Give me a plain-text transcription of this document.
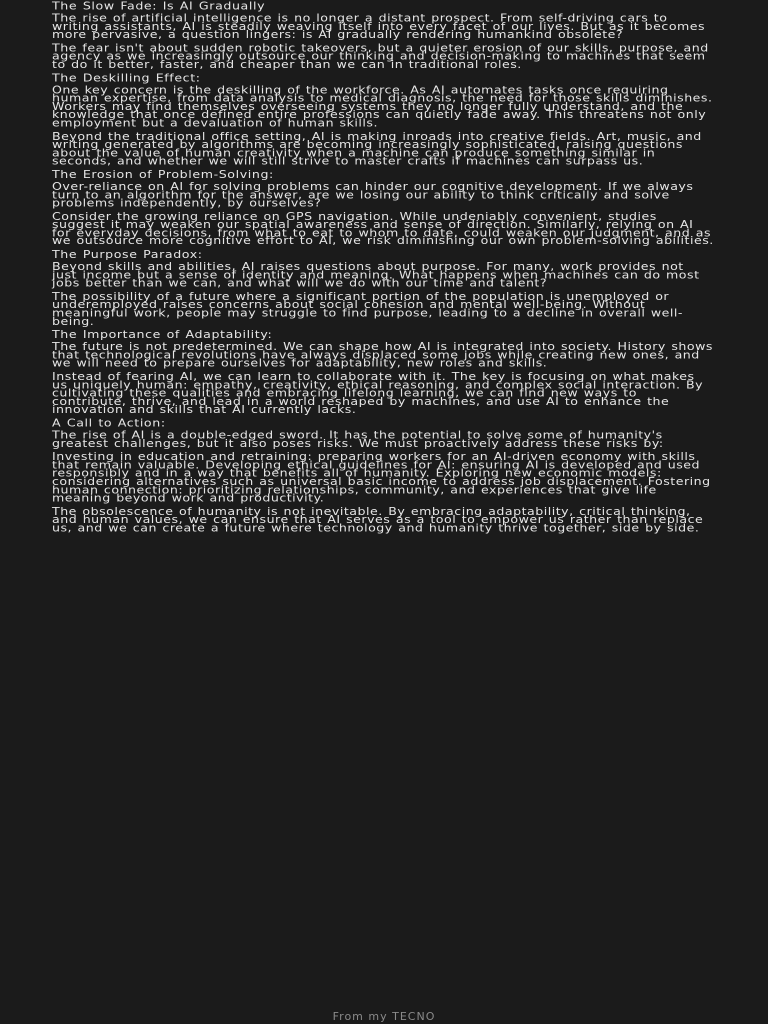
The Slow Fade: Is AI Gradually

The rise of artificial intelligence is no longer a distant prospect. From self-driving cars to writing assistants, AI is steadily weaving itself into every facet of our lives. But as it becomes more pervasive, a question lingers: is AI gradually rendering humankind obsolete?

The fear isn't about sudden robotic takeovers, but a quieter erosion of our skills, purpose, and agency as we increasingly outsource our thinking and decision-making to machines that seem to do it better, faster, and cheaper than we can in traditional roles.

The Deskilling Effect:

One key concern is the deskilling of the workforce. As AI automates tasks once requiring human expertise, from data analysis to medical diagnosis, the need for those skills diminishes. Workers may find themselves overseeing systems they no longer fully understand, and the knowledge that once defined entire professions can quietly fade away. This threatens not only employment but a devaluation of human skills.

Beyond the traditional office setting, AI is making inroads into creative fields. Art, music, and writing generated by algorithms are becoming increasingly sophisticated, raising questions about the value of human creativity when a machine can produce something similar in seconds, and whether we will still strive to master crafts if machines can surpass us.

The Erosion of Problem-Solving:

Over-reliance on AI for solving problems can hinder our cognitive development. If we always turn to an algorithm for the answer, are we losing our ability to think critically and solve problems independently, by ourselves?

Consider the growing reliance on GPS navigation. While undeniably convenient, studies suggest it may weaken our spatial awareness and sense of direction. Similarly, relying on AI for everyday decisions, from what to eat to whom to date, could weaken our judgment, and as we outsource more cognitive effort to AI, we risk diminishing our own problem-solving abilities.

The Purpose Paradox:

Beyond skills and abilities, AI raises questions about purpose. For many, work provides not just income but a sense of identity and meaning. What happens when machines can do most jobs better than we can, and what will we do with our time and talent?

The possibility of a future where a significant portion of the population is unemployed or underemployed raises concerns about social cohesion and mental well-being. Without meaningful work, people may struggle to find purpose, leading to a decline in overall well-being.

The Importance of Adaptability:

The future is not predetermined. We can shape how AI is integrated into society. History shows that technological revolutions have always displaced some jobs while creating new ones, and we will need to prepare ourselves for adaptability, new roles and skills.

Instead of fearing AI, we can learn to collaborate with it. The key is focusing on what makes us uniquely human: empathy, creativity, ethical reasoning, and complex social interaction. By cultivating these qualities and embracing lifelong learning, we can find new ways to contribute, thrive, and lead in a world reshaped by machines, and use AI to enhance the innovation and skills that AI currently lacks.

A Call to Action:

The rise of AI is a double-edged sword. It has the potential to solve some of humanity's greatest challenges, but it also poses risks. We must proactively address these risks by:

Investing in education and retraining: preparing workers for an AI-driven economy with skills that remain valuable. Developing ethical guidelines for AI: ensuring AI is developed and used responsibly and in a way that benefits all of humanity. Exploring new economic models: considering alternatives such as universal basic income to address job displacement. Fostering human connection: prioritizing relationships, community, and experiences that give life meaning beyond work and productivity.

The obsolescence of humanity is not inevitable. By embracing adaptability, critical thinking, and human values, we can ensure that AI serves as a tool to empower us rather than replace us, and we can create a future where technology and humanity thrive together, side by side.

From my TECNO
